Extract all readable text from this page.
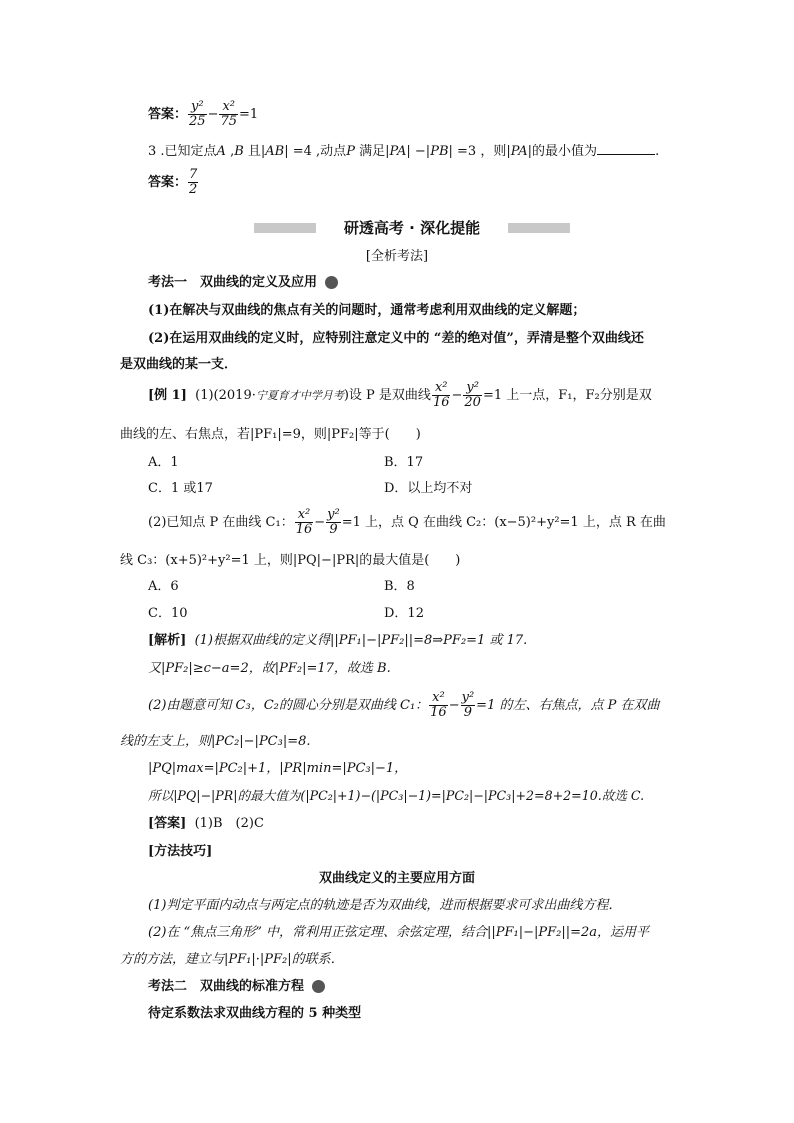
答案： $\frac{\text{y²}}{25} - \frac{\text{x²}}{75} =1$
3 .已知定点A ,B 且|AB| =4 ,动点P 满足|PA| −|PB| =3 ，则|PA|的最小值为	.
答案： $\frac{7}{2}$
研透高考 · 深化提能
[全析考法]
考法一　双曲线的定义及应用
(1)在解决与双曲线的焦点有关的问题时，通常考虑利用双曲线的定义解题；
(2)在运用双曲线的定义时，应特别注意定义中的 “差的绝对值”，弄清是整个双曲线还
是双曲线的某一支．
[例 1] (1)(2019·宁夏育才中学月考)设 P 是双曲线 $\frac{\text{x²}}{16} - \frac{\text{y²}}{20} =1$ 上一点，F₁，F₂分别是双
曲线的左、右焦点，若|PF₁|=9，则|PF₂|等于(　　)
A．1	B．17
C．1 或17	D．以上均不对
(2)已知点 P 在曲线 C₁： $\frac{\text{x²}}{16} - \frac{\text{y²}}{9} =1$ 上，点 Q 在曲线 C₂：(x−5)²+y²=1 上，点 R 在曲
线 C₃：(x+5)²+y²=1 上，则|PQ|−|PR|的最大值是(　　)
A．6	B．8
C．10	D．12
[解析] (1)根据双曲线的定义得||PF₁|−|PF₂||=8⇒PF₂=1 或 17.
又|PF₂|≥c−a=2，故|PF₂|=17，故选 B.
(2)由题意可知 C₃，C₂的圆心分别是双曲线 C₁： $\frac{\text{x²}}{16} - \frac{\text{y²}}{9} =1$ 的左、右焦点，点 P 在双曲
线的左支上，则|PC₂|−|PC₃|=8.
|PQ|max=|PC₂|+1，|PR|min=|PC₃|−1，
所以|PQ|−|PR|的最大值为(|PC₂|+1)−(|PC₃|−1)=|PC₂|−|PC₃|+2=8+2=10.故选 C.
[答案] (1)B　(2)C
[方法技巧]
双曲线定义的主要应用方面
(1)判定平面内动点与两定点的轨迹是否为双曲线，进而根据要求可求出曲线方程．
(2)在 “焦点三角形” 中，常利用正弦定理、余弦定理，结合||PF₁|−|PF₂||=2a，运用平
方的方法，建立与|PF₁|·|PF₂|的联系．
考法二　双曲线的标准方程
待定系数法求双曲线方程的 5 种类型
